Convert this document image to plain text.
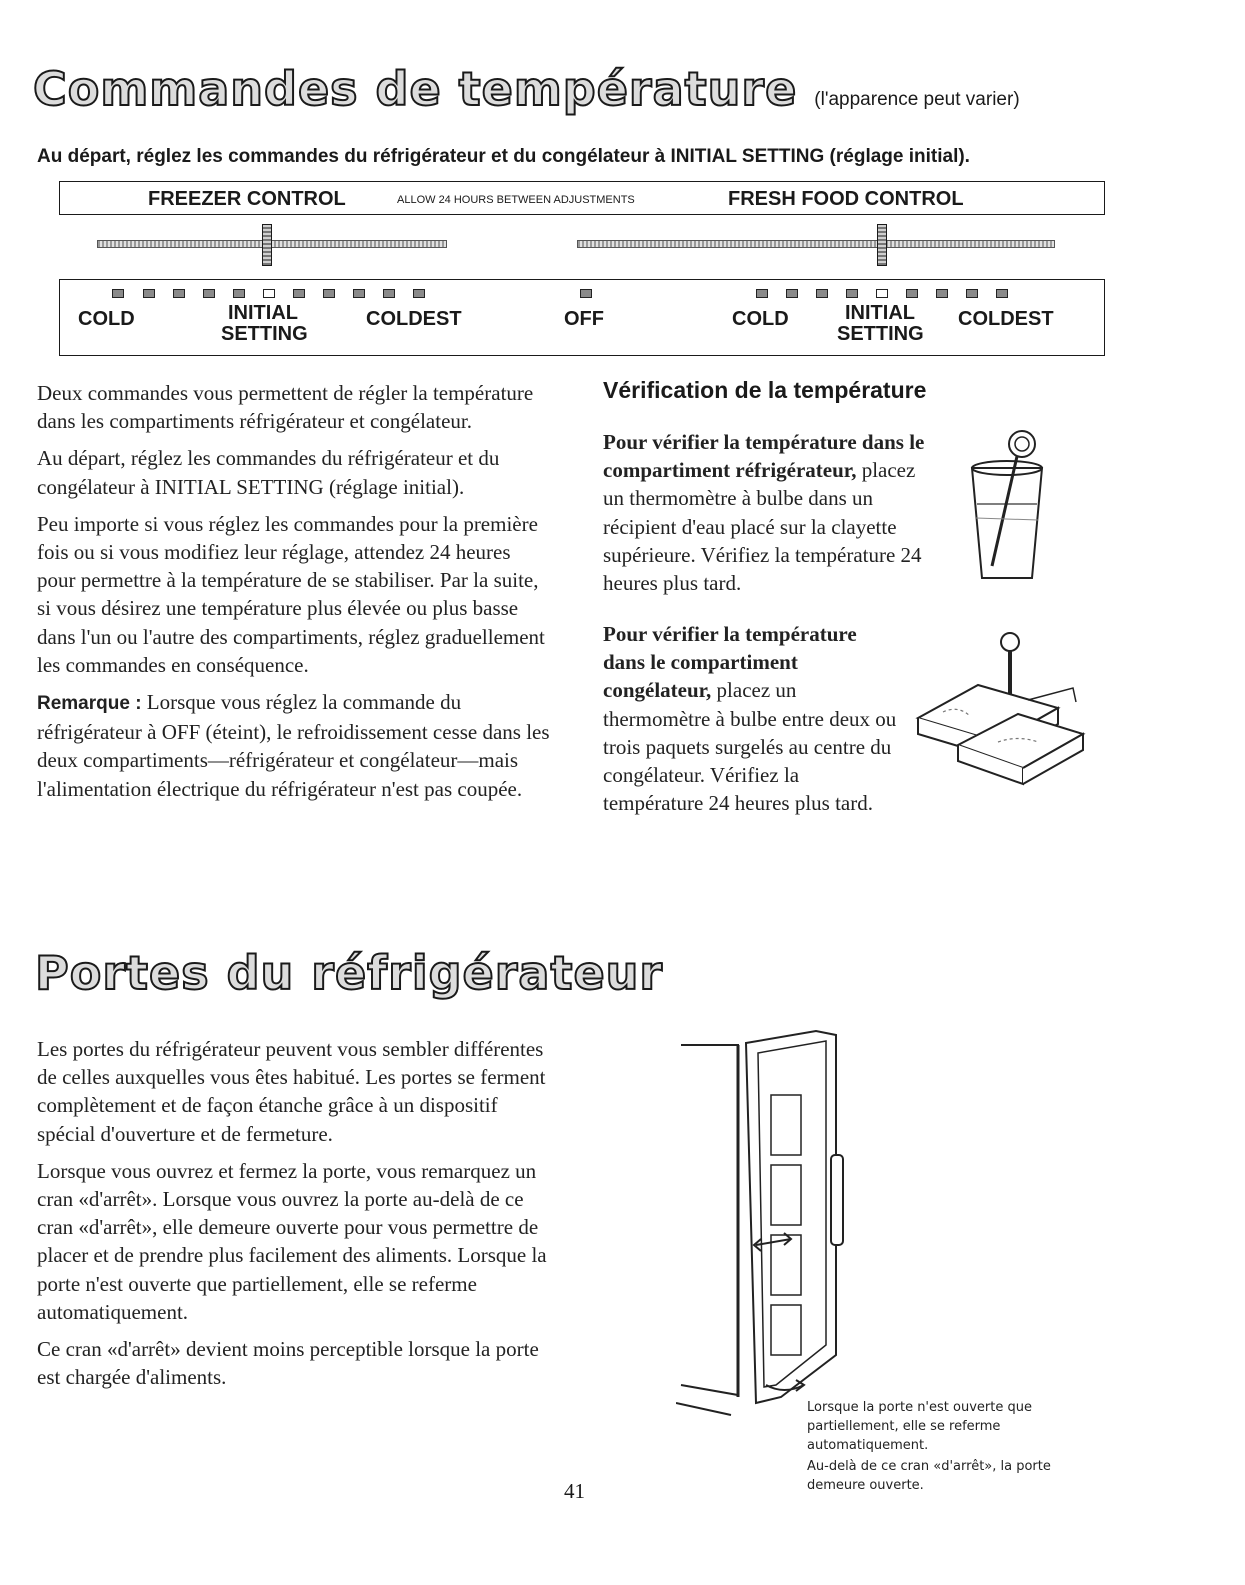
Commandes de température (l'apparence peut varier)
Au départ, réglez les commandes du réfrigérateur et du congélateur à INITIAL SETTING (réglage initial).
FREEZER CONTROL	ALLOW 24 HOURS BETWEEN ADJUSTMENTS	FRESH FOOD CONTROL
COLD	INITIAL
SETTING
COLDEST	OFF	COLD	INITIAL
SETTING
COLDEST

Deux commandes vous permettent de régler la température dans les compartiments réfrigérateur et congélateur.

Au départ, réglez les commandes du réfrigérateur et du congélateur à INITIAL SETTING (réglage initial).

Peu importe si vous réglez les commandes pour la première fois ou si vous modifiez leur réglage, attendez 24 heures pour permettre à la température de se stabiliser. Par la suite, si vous désirez une température plus élevée ou plus basse dans l'un ou l'autre des compartiments, réglez graduellement les commandes en conséquence.

Remarque : Lorsque vous réglez la commande du réfrigérateur à OFF (éteint), le refroidissement cesse dans les deux compartiments—réfrigérateur et congélateur—mais l'alimentation électrique du réfrigérateur n'est pas coupée.

Vérification de la température

Pour vérifier la température dans le compartiment réfrigérateur, placez un thermomètre à bulbe dans un récipient d'eau placé sur la clayette supérieure. Vérifiez la température 24 heures plus tard.

Pour vérifier la température dans le compartiment congélateur, placez un thermomètre à bulbe entre deux ou trois paquets surgelés au centre du congélateur. Vérifiez la température 24 heures plus tard.

Portes du réfrigérateur

Les portes du réfrigérateur peuvent vous sembler différentes de celles auxquelles vous êtes habitué. Les portes se ferment complètement et de façon étanche grâce à un dispositif spécial d'ouverture et de fermeture.

Lorsque vous ouvrez et fermez la porte, vous remarquez un cran «d'arrêt». Lorsque vous ouvrez la porte au-delà de ce cran «d'arrêt», elle demeure ouverte pour vous permettre de placer et de prendre plus facilement des aliments. Lorsque la porte n'est ouverte que partiellement, elle se referme automatiquement.

Ce cran «d'arrêt» devient moins perceptible lorsque la porte est chargée d'aliments.

Lorsque la porte n'est ouverte que partiellement, elle se referme automatiquement.

Au-delà de ce cran «d'arrêt», la porte demeure ouverte.

41
